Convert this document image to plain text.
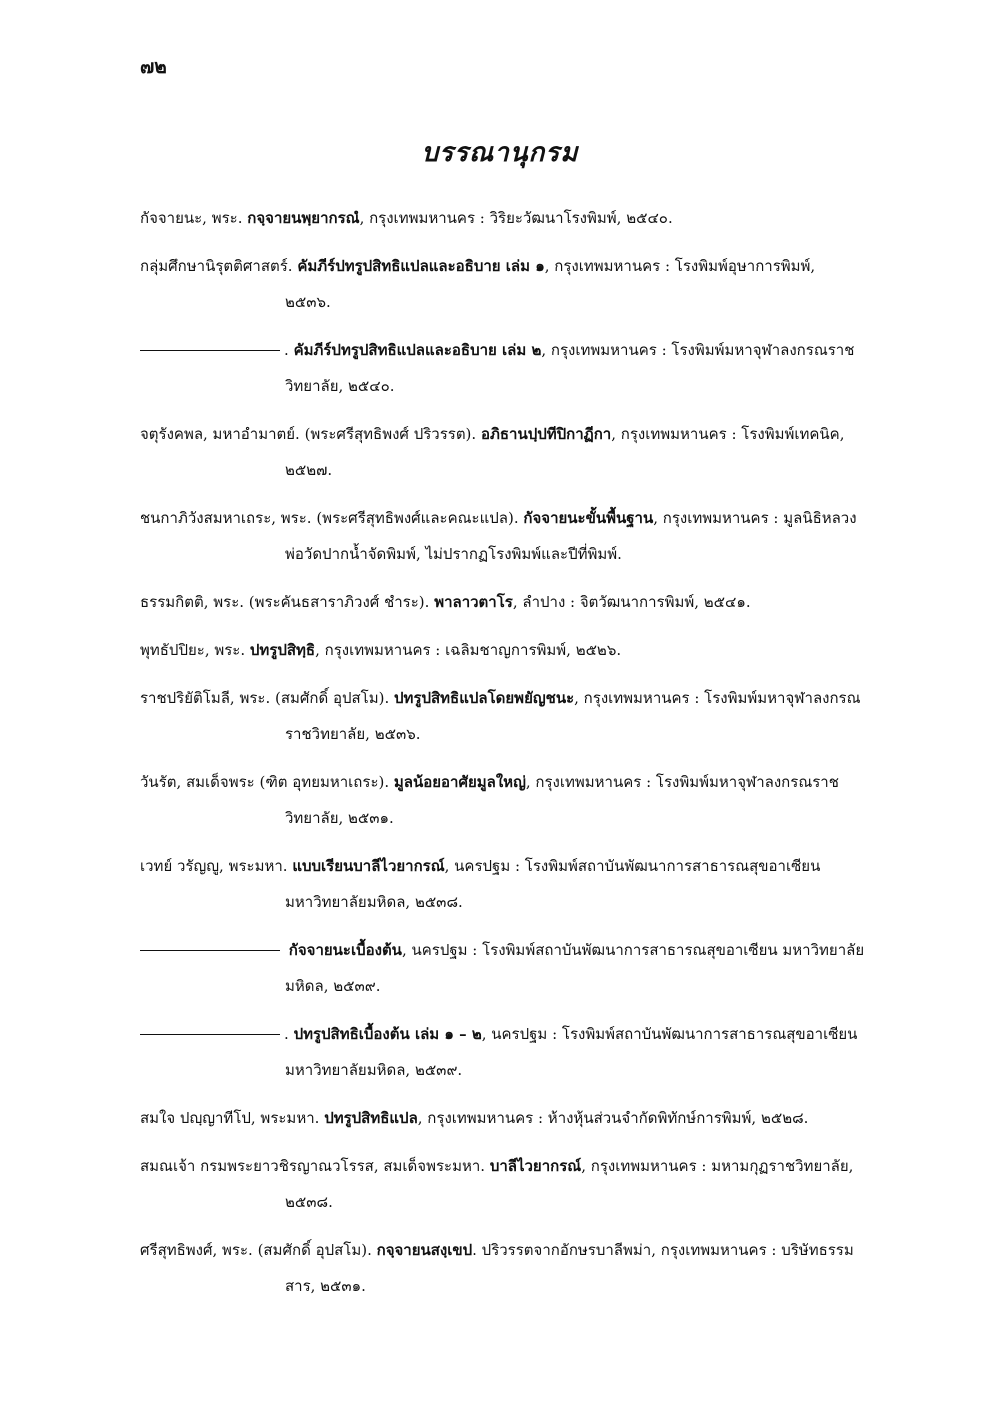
๗๒
บรรณานุกรม

กัจจายนะ, พระ. กจฺจายนพฺยากรณํ, กรุงเทพมหานคร : วิริยะวัฒนาโรงพิมพ์, ๒๕๔๐.

กลุ่มศึกษานิรุตติศาสตร์. คัมภีร์ปทรูปสิทธิแปลและอธิบาย เล่ม ๑, กรุงเทพมหานคร : โรงพิมพ์อุษาการพิมพ์, ๒๕๓๖.

. คัมภีร์ปทรูปสิทธิแปลและอธิบาย เล่ม ๒, กรุงเทพมหานคร : โรงพิมพ์มหาจุฬาลงกรณราชวิทยาลัย, ๒๕๔๐.

จตุรังคพล, มหาอำมาตย์. (พระศรีสุทธิพงศ์ ปริวรรต). อภิธานปฺปทีปิกาฏีกา, กรุงเทพมหานคร : โรงพิมพ์เทคนิค, ๒๕๒๗.

ชนกาภิวังสมหาเถระ, พระ. (พระศรีสุทธิพงศ์และคณะแปล). กัจจายนะขั้นพื้นฐาน, กรุงเทพมหานคร : มูลนิธิหลวงพ่อวัดปากน้ำจัดพิมพ์, ไม่ปรากฏโรงพิมพ์และปีที่พิมพ์.

ธรรมกิตติ, พระ. (พระคันธสาราภิวงศ์ ชำระ). พาลาวตาโร, ลำปาง : จิตวัฒนาการพิมพ์, ๒๕๔๑.

พุทธัปปิยะ, พระ. ปทรูปสิทฺธิ, กรุงเทพมหานคร : เฉลิมชาญการพิมพ์, ๒๕๒๖.

ราชปริยัติโมลี, พระ. (สมศักดิ์ อุปสโม). ปทรูปสิทธิแปลโดยพยัญชนะ, กรุงเทพมหานคร : โรงพิมพ์มหาจุฬาลงกรณราชวิทยาลัย, ๒๕๓๖.

วันรัต, สมเด็จพระ (ฑิต อุทยมหาเถระ). มูลน้อยอาศัยมูลใหญ่, กรุงเทพมหานคร : โรงพิมพ์มหาจุฬาลงกรณราชวิทยาลัย, ๒๕๓๑.

เวทย์ วรัญญู, พระมหา. แบบเรียนบาลีไวยากรณ์, นครปฐม : โรงพิมพ์สถาบันพัฒนาการสาธารณสุขอาเซียน มหาวิทยาลัยมหิดล, ๒๕๓๘.

กัจจายนะเบื้องต้น, นครปฐม : โรงพิมพ์สถาบันพัฒนาการสาธารณสุขอาเซียน มหาวิทยาลัยมหิดล, ๒๕๓๙.

. ปทรูปสิทธิเบื้องต้น เล่ม ๑ – ๒, นครปฐม : โรงพิมพ์สถาบันพัฒนาการสาธารณสุขอาเซียน มหาวิทยาลัยมหิดล, ๒๕๓๙.

สมใจ ปญฺญาทีโป, พระมหา. ปทรูปสิทธิแปล, กรุงเทพมหานคร : ห้างหุ้นส่วนจำกัดพิทักษ์การพิมพ์, ๒๕๒๘.

สมณเจ้า กรมพระยาวชิรญาณวโรรส, สมเด็จพระมหา. บาลีไวยากรณ์, กรุงเทพมหานคร : มหามกุฏราชวิทยาลัย, ๒๕๓๘.

ศรีสุทธิพงศ์, พระ. (สมศักดิ์ อุปสโม). กจฺจายนสงฺเขป. ปริวรรตจากอักษรบาลีพม่า, กรุงเทพมหานคร : บริษัทธรรมสาร, ๒๕๓๑.
